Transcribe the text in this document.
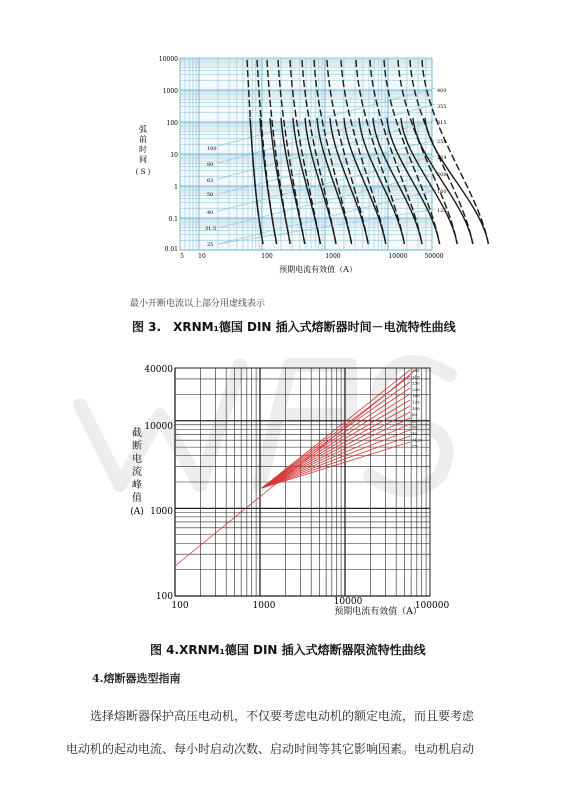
10000
1000
100
10
1
0.1
0.01
5 10	100	1000	10000	50000
弧
前
时
间
( S )
预期电流有效值（A）
100
80
63
50
40
31.5
25
400
355
315
250
224
200
160
125
最小开断电流以上部分用虚线表示
图 3.　XRNM₁德国 DIN 插入式熔断器时间－电流特性曲线
40000
10000
1000
100
100	1000	10000	100000
截
断
电
流
峰
值
(A)
预期电流有效值（A）
355
315
250
200
160
125
100
80
63
50
40
31.5
25
图 4.XRNM₁德国 DIN 插入式熔断器限流特性曲线
4.熔断器选型指南
选择熔断器保护高压电动机，不仅要考虑电动机的额定电流，而且要考虑
电动机的起动电流、每小时启动次数、启动时间等其它影响因素。电动机启动
